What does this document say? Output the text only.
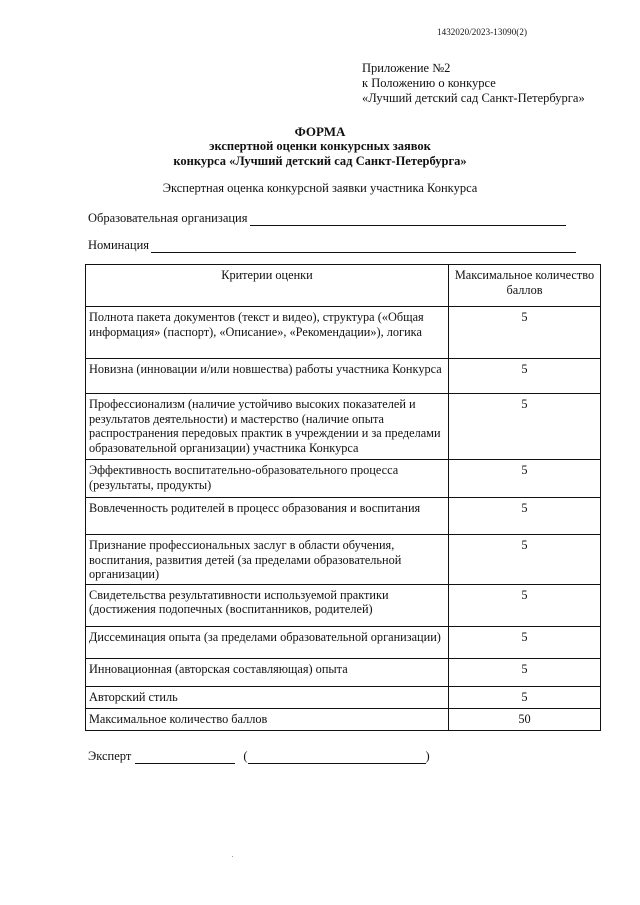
1432020/2023-13090(2)
Приложение №2
к Положению о конкурсе
«Лучший детский сад Санкт-Петербурга»
ФОРМА
экспертной оценки конкурсных заявок
конкурса «Лучший детский сад Санкт-Петербурга»
Экспертная оценка конкурсной заявки участника Конкурса
Образовательная организация
Номинация
Критерии оценки	Максимальное количество баллов
Полнота пакета документов (текст и видео), структура («Общая информация» (паспорт), «Описание», «Рекомендации»), логика	5
Новизна (инновации и/или новшества) работы участника Конкурса	5
Профессионализм (наличие устойчиво высоких показателей и результатов деятельности) и мастерство (наличие опыта распространения передовых практик в учреждении и за пределами образовательной организации) участника Конкурса	5
Эффективность воспитательно-образовательного процесса (результаты, продукты)	5
Вовлеченность родителей в процесс образования и воспитания	5
Признание профессиональных заслуг в области обучения, воспитания, развития детей (за пределами образовательной организации)	5
Свидетельства результативности используемой практики (достижения подопечных (воспитанников, родителей)	5
Диссеминация опыта (за пределами образовательной организации)	5
Инновационная (авторская составляющая) опыта	5
Авторский стиль	5
Максимальное количество баллов	50
Эксперт	(	)
